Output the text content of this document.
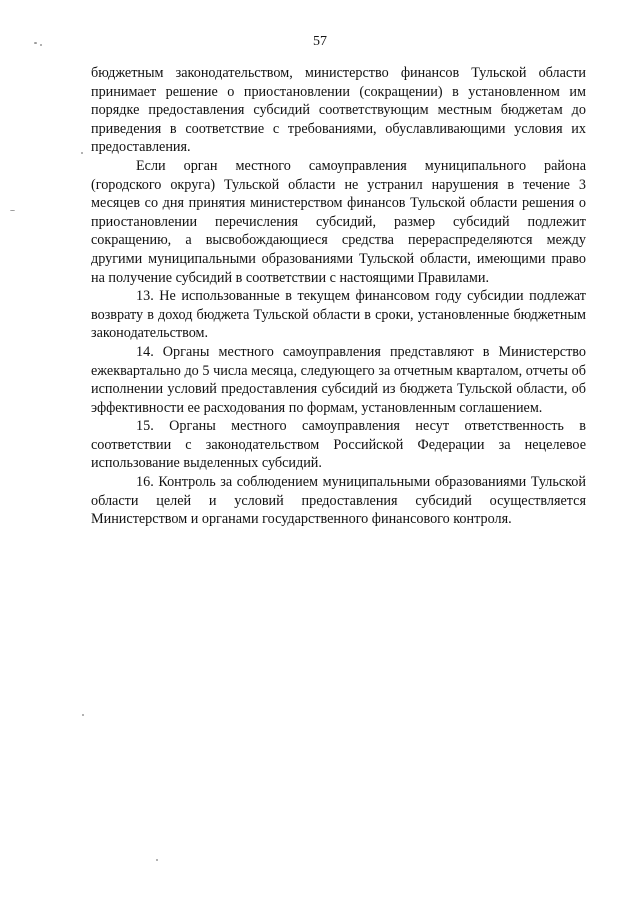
57

бюджетным законодательством, министерство финансов Тульской области принимает решение о приостановлении (сокращении) в установленном им порядке предоставления субсидий соответствующим местным бюджетам до приведения в соответствие с требованиями, обуславливающими условия их предоставления.

Если орган местного самоуправления муниципального района (городского округа) Тульской области не устранил нарушения в течение 3 месяцев со дня принятия министерством финансов Тульской области решения о приостановлении перечисления субсидий, размер субсидий подлежит сокращению, а высвобождающиеся средства перераспределяются между другими муниципальными образованиями Тульской области, имеющими право на получение субсидий в соответствии с настоящими Правилами.

13. Не использованные в текущем финансовом году субсидии подлежат возврату в доход бюджета Тульской области в сроки, установленные бюджетным законодательством.

14. Органы местного самоуправления представляют в Министерство ежеквартально до 5 числа месяца, следующего за отчетным кварталом, отчеты об исполнении условий предоставления субсидий из бюджета Тульской области, об эффективности ее расходования по формам, установленным соглашением.

15. Органы местного самоуправления несут ответственность в соответствии с законодательством Российской Федерации за нецелевое использование выделенных субсидий.

16. Контроль за соблюдением муниципальными образованиями Тульской области целей и условий предоставления субсидий осуществляется Министерством и органами государственного финансового контроля.
